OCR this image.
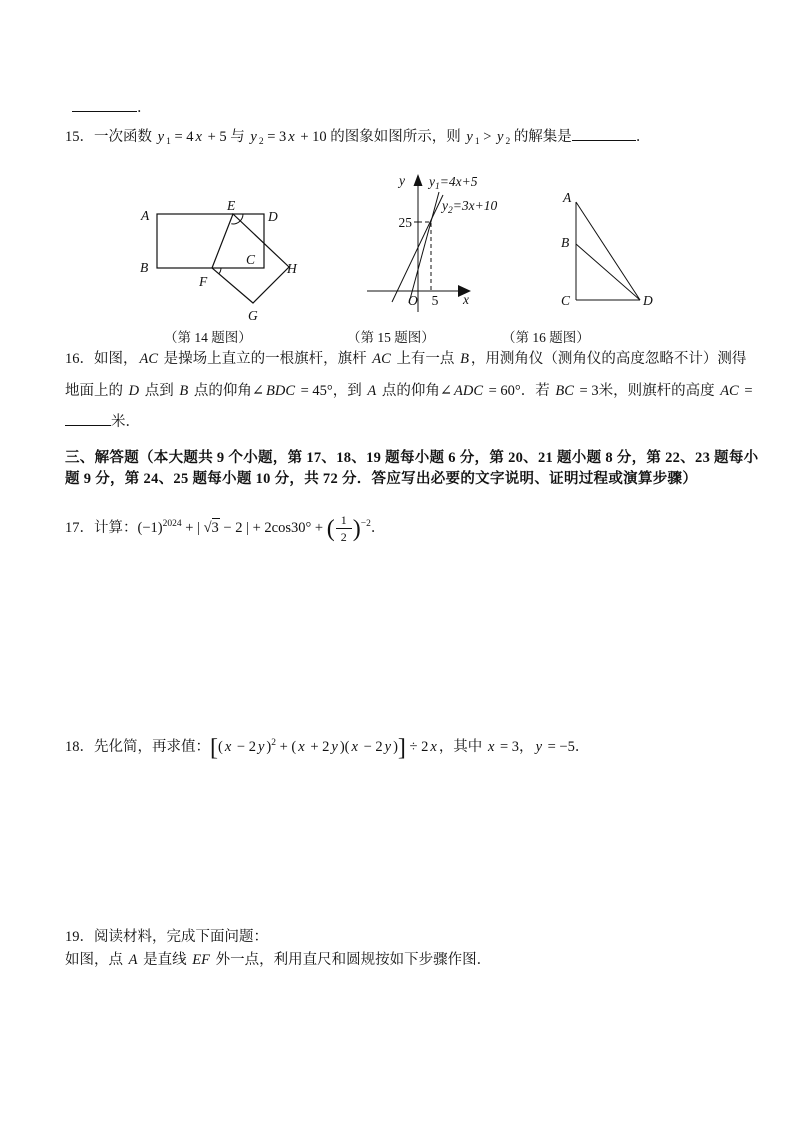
．
15．一次函数 y $_1$ = 4 x + 5 与 y $_2$ = 3 x + 10 的图象如图所示，则 y $_1$ > y $_2$ 的解集是	．
A
E
D
B
F
C
H
G
y
x
O
25
5
$y_1=4x+5$
$y_2=3x+10$
A
B
C	D
（第 14 题图）	（第 15 题图）	（第 16 题图）
16．如图， AC 是操场上直立的一根旗杆，旗杆 AC 上有一点 B ，用测角仪（测角仪的高度忽略不计）测得
地面上的 D 点到 B 点的仰角∠ BDC = 45°，到 A 点的仰角∠ ADC = 60°．若 BC = 3米，则旗杆的高度 AC =
米．
三、解答题（本大题共 9 个小题，第 17、18、19 题每小题 6 分，第 20、21 题小题 8 分，第 22、23 题每小
题 9 分，第 24、25 题每小题 10 分，共 72 分．答应写出必要的文字说明、证明过程或演算步骤）
17．计算：$(-1)^{2024}$ + | √3 − 2 | + 2cos30° + ( $\frac{1}{2} )^{-2}$．
18．先化简，再求值：[( x − 2 y )$^2$ + ( x + 2 y )( x − 2 y )] ÷ 2 x ，其中 x = 3， y = −5．
19．阅读材料，完成下面问题：
如图，点 A 是直线 EF 外一点，利用直尺和圆规按如下步骤作图．
